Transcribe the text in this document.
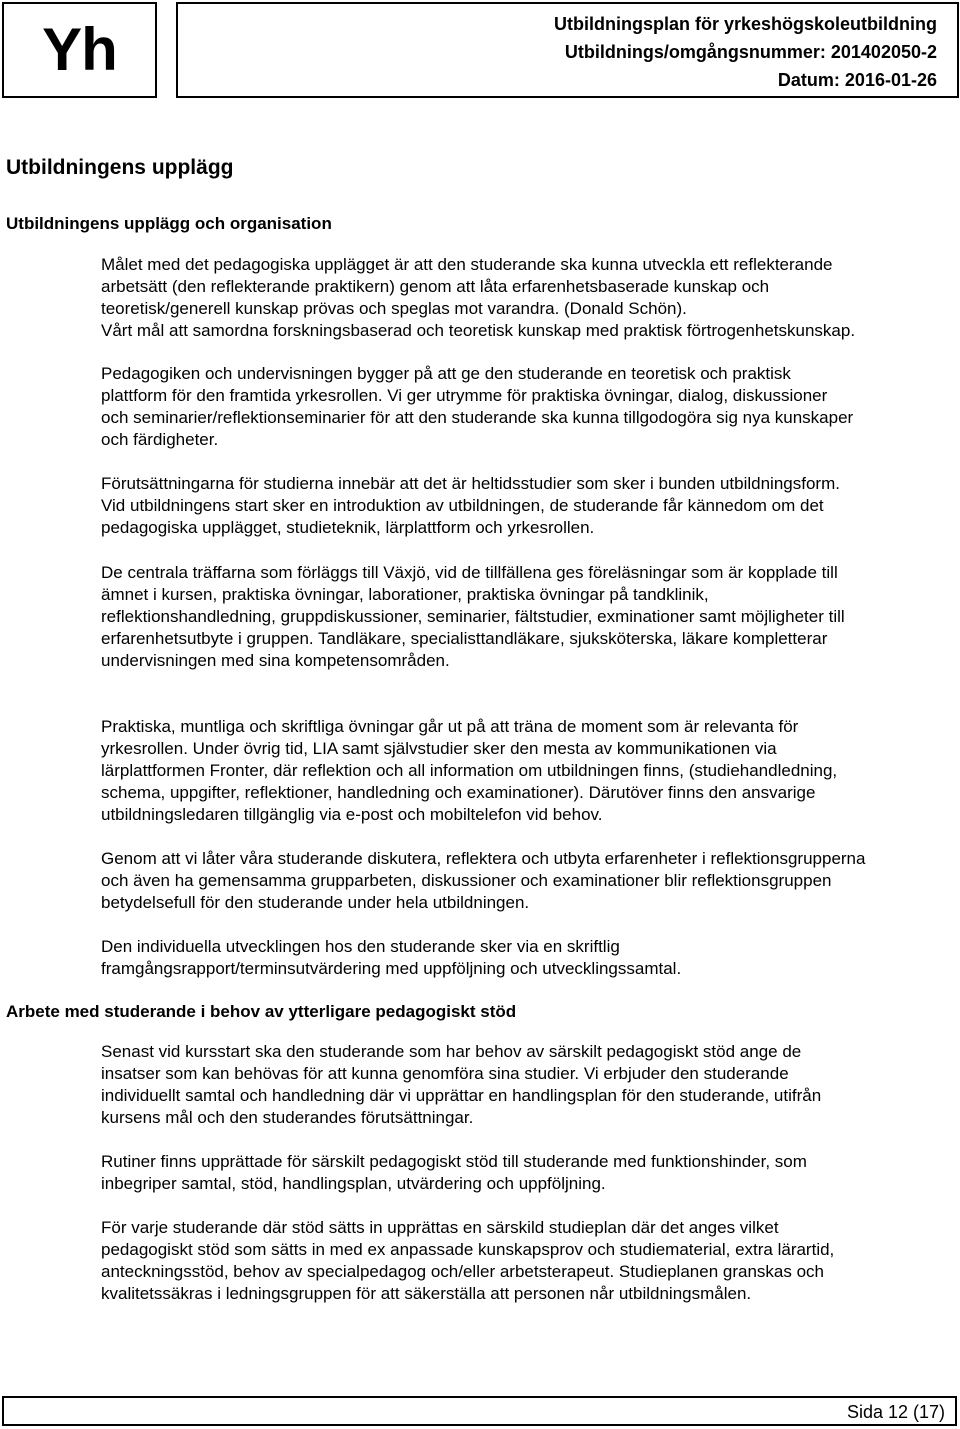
Yh	Utbildningsplan för yrkeshögskoleutbildning
Utbildnings/omgångsnummer: 201402050-2
Datum: 2016-01-26
Utbildningens upplägg
Utbildningens upplägg och organisation

Målet med det pedagogiska upplägget är att den studerande ska kunna utveckla ett reflekterande
arbetsätt (den reflekterande praktikern) genom att låta erfarenhetsbaserade kunskap och
teoretisk/generell kunskap prövas och speglas mot varandra. (Donald Schön).
Vårt mål att samordna forskningsbaserad och teoretisk kunskap med praktisk förtrogenhetskunskap.

Pedagogiken och undervisningen bygger på att ge den studerande en teoretisk och praktisk
plattform för den framtida yrkesrollen. Vi ger utrymme för praktiska övningar, dialog, diskussioner
och seminarier/reflektionseminarier för att den studerande ska kunna tillgodogöra sig nya kunskaper
och färdigheter.

Förutsättningarna för studierna innebär att det är heltidsstudier som sker i bunden utbildningsform.
Vid utbildningens start sker en introduktion av utbildningen, de studerande får kännedom om det
pedagogiska upplägget, studieteknik, lärplattform och yrkesrollen.

De centrala träffarna som förläggs till Växjö, vid de tillfällena ges föreläsningar som är kopplade till
ämnet i kursen, praktiska övningar, laborationer, praktiska övningar på tandklinik,
reflektionshandledning, gruppdiskussioner, seminarier, fältstudier, exminationer samt möjligheter till
erfarenhetsutbyte i gruppen. Tandläkare, specialisttandläkare, sjuksköterska, läkare kompletterar
undervisningen med sina kompetensområden.

Praktiska, muntliga och skriftliga övningar går ut på att träna de moment som är relevanta för
yrkesrollen. Under övrig tid, LIA samt självstudier sker den mesta av kommunikationen via
lärplattformen Fronter, där reflektion och all information om utbildningen finns, (studiehandledning,
schema, uppgifter, reflektioner, handledning och examinationer). Därutöver finns den ansvarige
utbildningsledaren tillgänglig via e-post och mobiltelefon vid behov.

Genom att vi låter våra studerande diskutera, reflektera och utbyta erfarenheter i reflektionsgrupperna
och även ha gemensamma grupparbeten, diskussioner och examinationer blir reflektionsgruppen
betydelsefull för den studerande under hela utbildningen.

Den individuella utvecklingen hos den studerande sker via en skriftlig
framgångsrapport/terminsutvärdering med uppföljning och utvecklingssamtal.

Arbete med studerande i behov av ytterligare pedagogiskt stöd

Senast vid kursstart ska den studerande som har behov av särskilt pedagogiskt stöd ange de
insatser som kan behövas för att kunna genomföra sina studier. Vi erbjuder den studerande
individuellt samtal och handledning där vi upprättar en handlingsplan för den studerande, utifrån
kursens mål och den studerandes förutsättningar.

Rutiner finns upprättade för särskilt pedagogiskt stöd till studerande med funktionshinder, som
inbegriper samtal, stöd, handlingsplan, utvärdering och uppföljning.

För varje studerande där stöd sätts in upprättas en särskild studieplan där det anges vilket
pedagogiskt stöd som sätts in med ex anpassade kunskapsprov och studiematerial, extra lärartid,
anteckningsstöd, behov av specialpedagog och/eller arbetsterapeut. Studieplanen granskas och
kvalitetssäkras i ledningsgruppen för att säkerställa att personen når utbildningsmålen.

Sida 12 (17)
